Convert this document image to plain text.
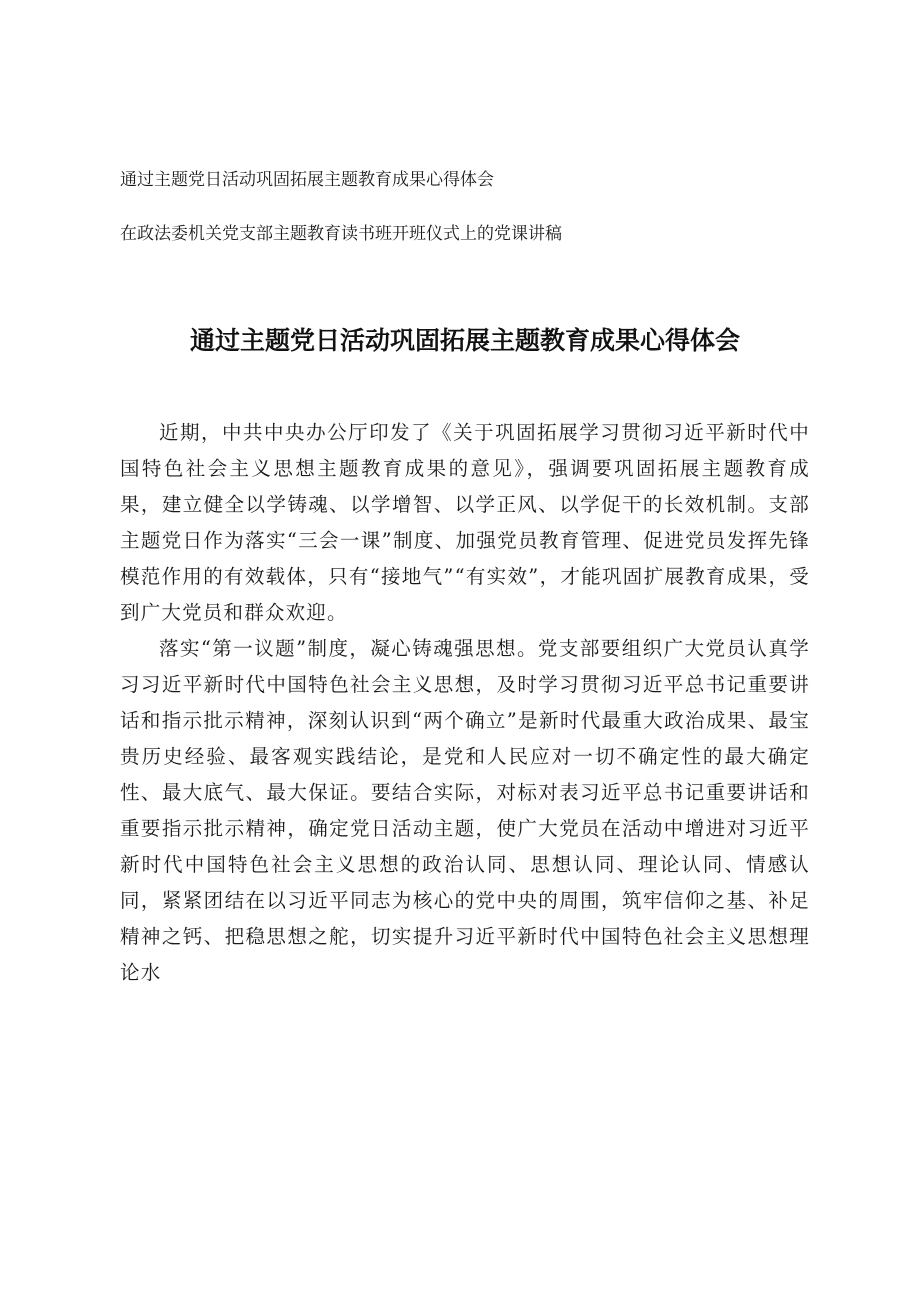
通过主题党日活动巩固拓展主题教育成果心得体会

在政法委机关党支部主题教育读书班开班仪式上的党课讲稿

通过主题党日活动巩固拓展主题教育成果心得体会

近期，中共中央办公厅印发了《关于巩固拓展学习贯彻习近平新时代中国特色社会主义思想主题教育成果的意见》，强调要巩固拓展主题教育成果，建立健全以学铸魂、以学增智、以学正风、以学促干的长效机制。支部主题党日作为落实“三会一课”制度、加强党员教育管理、促进党员发挥先锋模范作用的有效载体，只有“接地气”“有实效”，才能巩固扩展教育成果，受到广大党员和群众欢迎。

落实“第一议题”制度，凝心铸魂强思想。党支部要组织广大党员认真学习习近平新时代中国特色社会主义思想，及时学习贯彻习近平总书记重要讲话和指示批示精神，深刻认识到“两个确立”是新时代最重大政治成果、最宝贵历史经验、最客观实践结论，是党和人民应对一切不确定性的最大确定性、最大底气、最大保证。要结合实际，对标对表习近平总书记重要讲话和重要指示批示精神，确定党日活动主题，使广大党员在活动中增进对习近平新时代中国特色社会主义思想的政治认同、思想认同、理论认同、情感认同，紧紧团结在以习近平同志为核心的党中央的周围，筑牢信仰之基、补足精神之钙、把稳思想之舵，切实提升习近平新时代中国特色社会主义思想理论水
